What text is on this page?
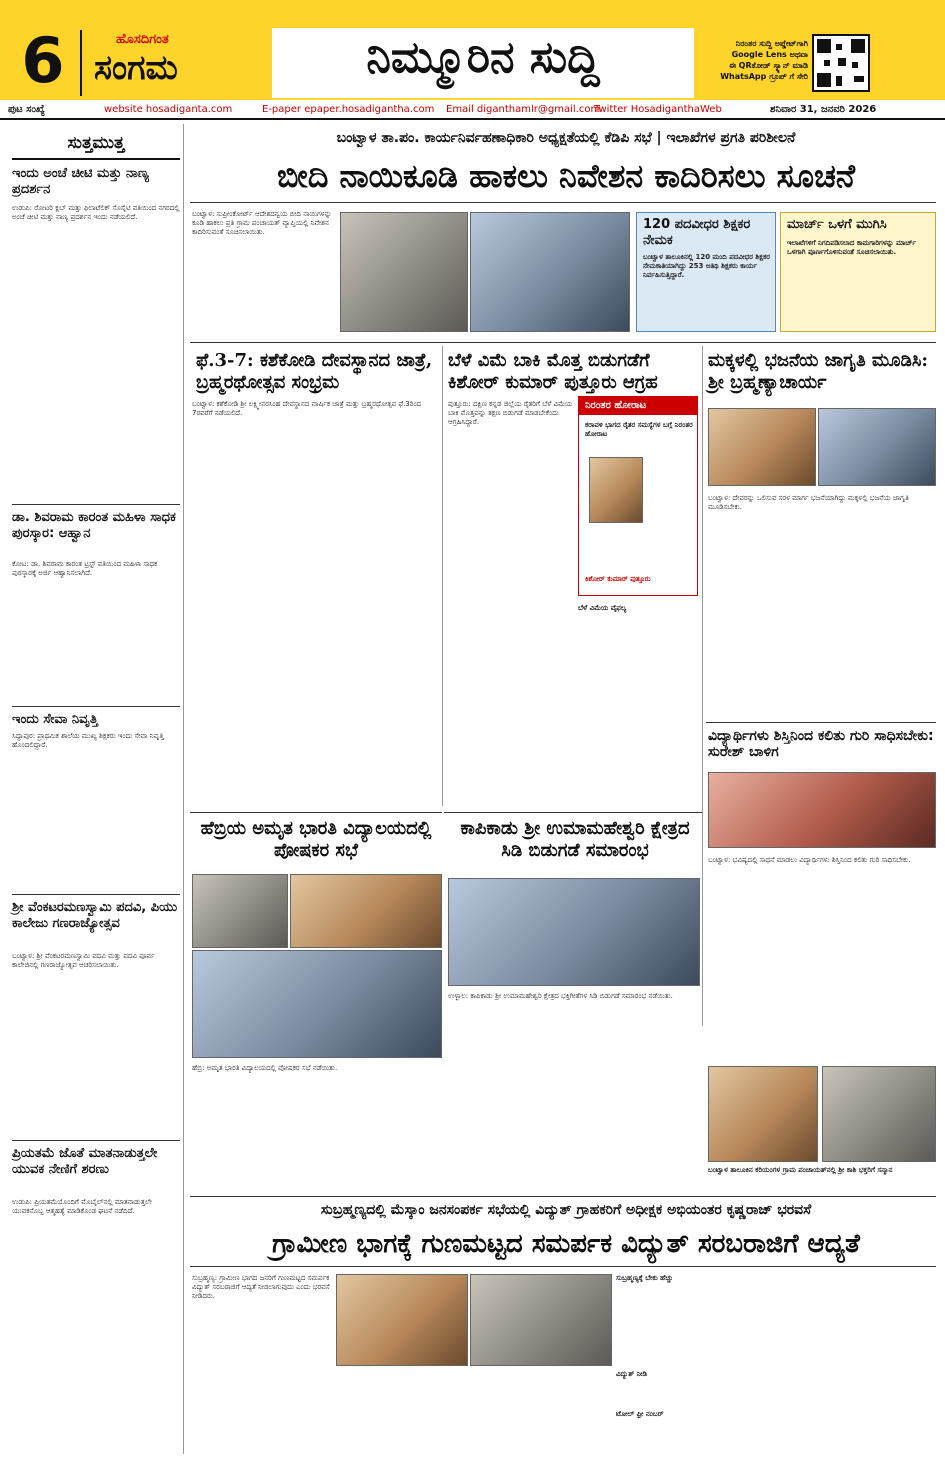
6	ಹೊಸದಿಗಂತ
ಸಂಗಮ	ನಿಮ್ಮೂರಿನ ಸುದ್ದಿ	ನಿರಂತರ ಸುದ್ದಿ ಅಪ್ಡೇಟ್‌ಗಾಗಿ
Google Lens ಅಥವಾ
ಈ QRಕೋಡ್ ಸ್ಕ್ಯಾನ್ ಮಾಡಿ
WhatsApp ಗ್ರೂಪ್ ಗೆ ಸೇರಿ
ಪುಟ ಸಂಖ್ಯೆ	website hosadiganta.com	E-paper epaper.hosadigantha.com Email diganthamlr@gmail.com
Twitter HosadiganthaWeb	ಶನಿವಾರ 31, ಜನವರಿ 2026
ಸುತ್ತಮುತ್ತ
ಇಂದು ಅಂಚೆ ಚೀಟಿ ಮತ್ತು ನಾಣ್ಯ ಪ್ರದರ್ಶನ
ಉಡುಪಿ: ರೋಟರಿ ಕ್ಲಬ್ ಮತ್ತು ಫಿಲಾಟೆಲಿಕ್ ಸೊಸೈಟಿ ವತಿಯಿಂದ ನಗರದಲ್ಲಿ ಅಂಚೆ ಚೀಟಿ ಮತ್ತು ನಾಣ್ಯ ಪ್ರದರ್ಶನ ಇಂದು ನಡೆಯಲಿದೆ.
ಡಾ. ಶಿವರಾಮ ಕಾರಂತ ಮಹಿಳಾ ಸಾಧಕ ಪುರಸ್ಕಾರ: ಆಹ್ವಾನ
ಕೋಟ: ಡಾ. ಶಿವರಾಮ ಕಾರಂತ ಟ್ರಸ್ಟ್ ವತಿಯಿಂದ ಮಹಿಳಾ ಸಾಧಕ ಪುರಸ್ಕಾರಕ್ಕೆ ಅರ್ಜಿ ಆಹ್ವಾನಿಸಲಾಗಿದೆ.
ಇಂದು ಸೇವಾ ನಿವೃತ್ತಿ
ಸಿದ್ದಾಪುರ: ಪ್ರಾಥಮಿಕ ಶಾಲೆಯ ಮುಖ್ಯ ಶಿಕ್ಷಕರು ಇಂದು ಸೇವಾ ನಿವೃತ್ತಿ ಹೊಂದಲಿದ್ದಾರೆ.
ಶ್ರೀ ವೆಂಕಟರಮಣಸ್ವಾಮಿ ಪದವಿ, ಪಿಯು ಕಾಲೇಜು ಗಣರಾಜ್ಯೋತ್ಸವ
ಬಂಟ್ವಾಳ: ಶ್ರೀ ವೆಂಕಟರಮಣಸ್ವಾಮಿ ಪದವಿ ಮತ್ತು ಪದವಿ ಪೂರ್ವ ಕಾಲೇಜಿನಲ್ಲಿ ಗಣರಾಜ್ಯೋತ್ಸವ ಆಚರಿಸಲಾಯಿತು.
ಪ್ರಿಯತಮೆ ಜೊತೆ ಮಾತನಾಡುತ್ತಲೇ ಯುವಕ ನೇಣಿಗೆ ಶರಣು
ಉಡುಪಿ: ಪ್ರಿಯತಮೆಯೊಂದಿಗೆ ಮೊಬೈಲ್‌ನಲ್ಲಿ ಮಾತನಾಡುತ್ತಲೇ ಯುವಕನೊಬ್ಬ ಆತ್ಮಹತ್ಯೆ ಮಾಡಿಕೊಂಡ ಘಟನೆ ನಡೆದಿದೆ.
ಬಂಟ್ವಾಳ ತಾ.ಪಂ. ಕಾರ್ಯನಿರ್ವಹಣಾಧಿಕಾರಿ ಅಧ್ಯಕ್ಷತೆಯಲ್ಲಿ ಕೆಡಿಪಿ ಸಭೆ | ಇಲಾಖೆಗಳ ಪ್ರಗತಿ ಪರಿಶೀಲನೆ
ಬೀದಿ ನಾಯಿಕೂಡಿ ಹಾಕಲು ನಿವೇಶನ ಕಾದಿರಿಸಲು ಸೂಚನೆ
ಬಂಟ್ವಾಳ: ಸುಪ್ರೀಂಕೋರ್ಟ್ ಆದೇಶದನ್ವಯ ಬೀದಿ ನಾಯಿಗಳನ್ನು ಕೂಡಿ ಹಾಕಲು ಪ್ರತಿ ಗ್ರಾಮ ಪಂಚಾಯತ್ ವ್ಯಾಪ್ತಿಯಲ್ಲಿ ನಿವೇಶನ ಕಾದಿರಿಸುವಂತೆ ಸೂಚಿಸಲಾಯಿತು.	120 ಪದವೀಧರ ಶಿಕ್ಷಕರ ನೇಮಕ
ಬಂಟ್ವಾಳ ತಾಲೂಕಿನಲ್ಲಿ 120 ಮಂದಿ ಪದವೀಧರ ಶಿಕ್ಷಕರ ನೇಮಕಾತಿಯಾಗಿದ್ದು 253 ಅತಿಥಿ ಶಿಕ್ಷಕರು ಕಾರ್ಯ ನಿರ್ವಹಿಸುತ್ತಿದ್ದಾರೆ.
ಮಾರ್ಚ್ ಒಳಗೆ ಮುಗಿಸಿ
ಇಲಾಖೆಗಳಿಗೆ ನಿಗದಿಪಡಿಸಲಾದ ಕಾಮಗಾರಿಗಳನ್ನು ಮಾರ್ಚ್ ಒಳಗಾಗಿ ಪೂರ್ಣಗೊಳಿಸುವಂತೆ ಸೂಚಿಸಲಾಯಿತು.
ಫೆ.3-7: ಕಶೆಕೋಡಿ ದೇವಸ್ಥಾನದ ಜಾತ್ರೆ, ಬ್ರಹ್ಮರಥೋತ್ಸವ ಸಂಭ್ರಮ
ಬಂಟ್ವಾಳ: ಕಶೆಕೋಡಿ ಶ್ರೀ ಲಕ್ಷ್ಮೀನರಸಿಂಹ ದೇವಸ್ಥಾನದ ವಾರ್ಷಿಕ ಜಾತ್ರೆ ಮತ್ತು ಬ್ರಹ್ಮರಥೋತ್ಸವ ಫೆ.3ರಿಂದ 7ರವರೆಗೆ ನಡೆಯಲಿದೆ.
ಬೆಳೆ ವಿಮೆ ಬಾಕಿ ಮೊತ್ತ ಬಿಡುಗಡೆಗೆ ಕಿಶೋರ್ ಕುಮಾರ್ ಪುತ್ತೂರು ಆಗ್ರಹ
ಪುತ್ತೂರು: ದಕ್ಷಿಣ ಕನ್ನಡ ಜಿಲ್ಲೆಯ ರೈತರಿಗೆ ಬೆಳೆ ವಿಮೆಯ ಬಾಕಿ ಮೊತ್ತವನ್ನು ತಕ್ಷಣ ಬಿಡುಗಡೆ ಮಾಡಬೇಕೆಂದು ಆಗ್ರಹಿಸಿದ್ದಾರೆ.
ನಿರಂತರ ಹೋರಾಟ
ಕರಾವಳಿ ಭಾಗದ ರೈತರ ಸಮಸ್ಯೆಗಳ ಬಗ್ಗೆ ನಿರಂತರ ಹೋರಾಟ
ಕಿಶೋರ್ ಕುಮಾರ್ ಪುತ್ತೂರು
ಬೆಳೆ ವಿಮೆಯ ವೈಫಲ್ಯ
ಮಕ್ಕಳಲ್ಲಿ ಭಜನೆಯ ಜಾಗೃತಿ ಮೂಡಿಸಿ: ಶ್ರೀ ಬ್ರಹ್ಮಣ್ಯಾಚಾರ್ಯ
ಬಂಟ್ವಾಳ: ದೇವರನ್ನು ಒಲಿಸುವ ಸರಳ ಮಾರ್ಗ ಭಜನೆಯಾಗಿದ್ದು ಮಕ್ಕಳಲ್ಲಿ ಭಜನೆಯ ಜಾಗೃತಿ ಮೂಡಿಸಬೇಕು.
ವಿದ್ಯಾರ್ಥಿಗಳು ಶಿಸ್ತಿನಿಂದ ಕಲಿತು ಗುರಿ ಸಾಧಿಸಬೇಕು: ಸುರೇಶ್ ಬಾಳಿಗ
ಬಂಟ್ವಾಳ: ಭವಿಷ್ಯದಲ್ಲಿ ಸಾಧನೆ ಮಾಡಲು ವಿದ್ಯಾರ್ಥಿಗಳು ಶಿಸ್ತಿನಿಂದ ಕಲಿತು ಗುರಿ ಸಾಧಿಸಬೇಕು.
ಬಂಟ್ವಾಳ ತಾಲೂಕಿನ ಕರಿಯಂಗಳ ಗ್ರಾಮ ಪಂಚಾಯತ್‌ನಲ್ಲಿ ಶ್ರೀ ಕಾಶಿ ಭಕ್ತರಿಗೆ ಸನ್ಮಾನ
ಹೆಬ್ರಿಯ ಅಮೃತ ಭಾರತಿ ವಿದ್ಯಾಲಯದಲ್ಲಿ ಪೋಷಕರ ಸಭೆ
ಹೆಬ್ರಿ: ಅಮೃತ ಭಾರತಿ ವಿದ್ಯಾಲಯದಲ್ಲಿ ಪೋಷಕರ ಸಭೆ ನಡೆಯಿತು.
ಕಾಪಿಕಾಡು ಶ್ರೀ ಉಮಾಮಹೇಶ್ವರಿ ಕ್ಷೇತ್ರದ ಸಿಡಿ ಬಿಡುಗಡೆ ಸಮಾರಂಭ
ಉಳ್ಳಾಲ: ಕಾಪಿಕಾಡು ಶ್ರೀ ಉಮಾಮಹೇಶ್ವರಿ ಕ್ಷೇತ್ರದ ಭಕ್ತಿಗೀತೆಗಳ ಸಿಡಿ ಬಿಡುಗಡೆ ಸಮಾರಂಭ ನಡೆಯಿತು.
ಸುಬ್ರಹ್ಮಣ್ಯದಲ್ಲಿ ಮೆಸ್ಕಾಂ ಜನಸಂಪರ್ಕ ಸಭೆಯಲ್ಲಿ ವಿದ್ಯುತ್ ಗ್ರಾಹಕರಿಗೆ ಅಧೀಕ್ಷಕ ಅಭಿಯಂತರ ಕೃಷ್ಣರಾಜ್ ಭರವಸೆ
ಗ್ರಾಮೀಣ ಭಾಗಕ್ಕೆ ಗುಣಮಟ್ಟದ ಸಮರ್ಪಕ ವಿದ್ಯುತ್ ಸರಬರಾಜಿಗೆ ಆದ್ಯತೆ
ಸುಬ್ರಹ್ಮಣ್ಯ: ಗ್ರಾಮೀಣ ಭಾಗದ ಜನರಿಗೆ ಗುಣಮಟ್ಟದ ಸಮರ್ಪಕ ವಿದ್ಯುತ್ ಸರಬರಾಜಿಗೆ ಆದ್ಯತೆ ನೀಡಲಾಗುವುದು ಎಂದು ಭರವಸೆ ನೀಡಿದರು.
ಸುಬ್ರಹ್ಮಣ್ಯಕ್ಕೆ ಬೇಕು ಹೆಚ್ಚು
ವಿದ್ಯುತ್ ನೀಡಿ
ಟೋಲ್ ಫ್ರೀ ನಂಬರ್
